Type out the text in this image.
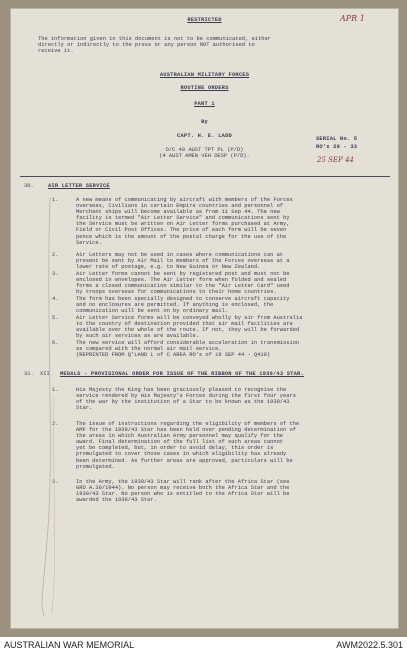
RESTRICTED	APR 1
The information given in this document is not to be communicated, either
directly or indirectly to the press or any person NOT authorised to
receive it.
AUSTRALIAN MILITARY FORCES
ROUTINE ORDERS
PART 1
By
CAPT. H. E. LADD	SERIAL No. 5
RO's 20 - 33
O/C 49 AUST TPT PL (P/D)
(4 AUST AMEN VEH DESP (P/D).	25 SEP 44
30.	AIR LETTER SERVICE
1.	A new means of communicating by aircraft with members of the Forces
overseas, Civilians in certain Empire countries and personnel of
Merchant ships will become available as from 11 Sep 44. The new
facility is termed "Air Letter Service" and communications sent by
the Service must be written on Air Letter forms purchased at Army,
Field or Civil Post Offices. The price of each form will be seven
pence which is the amount of the postal charge for the use of the
Service.
2.	Air Letters may not be used in cases where communications can at
present be sent by Air Mail to members of the Forces overseas at a
lower rate of postage, e.g. to New Guinea or New Zealand.
3.	Air Letter forms cannot be sent by registered post and must not be
enclosed in envelopes. The Air Letter form when folded and sealed
forms a closed communication similar to the "Air Letter Card" used
by troops overseas for communications to their home countries.
4.	The form has been specially designed to conserve aircraft capacity
and no enclosures are permitted. If anything is enclosed, the
communication will be sent on by ordinary mail.
5.	Air Letter Service forms will be conveyed wholly by air from Australia
to the country of destination provided that air mail facilities are
available over the whole of the route. If not, they will be forwarded
by such air services as are available.
6.	The new service will afford considerable acceleration in transmission
as compared with the normal air mail service.
(REPRINTED FROM Q'LAND L of C AREA RO's of 19 SEP 44 - Q410)
31. XII MEDALS - PROVISIONAL ORDER FOR ISSUE OF THE RIBBON OF THE 1939/43 STAR.
1.	His Majesty the King has been graciously pleased to recognise the
service rendered by His Majesty's Forces during the first four years
of the war by the institution of a Star to be known as the 1939/43
Star.
2.	The issue of instructions regarding the eligibility of members of the
AMF for the 1939/43 Star has been held over pending determination of
the areas in which Australian Army personnel may qualify for the
award. Final determination of the full list of such areas cannot
yet be completed, but, in order to avoid delay, this order is
promulgated to cover those cases in which eligibility has already
been determined. As further areas are approved, particulars will be
promulgated.
3.	In the Army, the 1939/43 Star will rank after the Africa Star (see
GRO A.30/1944). No person may receive both the Africa Star and the
1939/43 Star. No person who is entitled to the Africa Star will be
awarded the 1939/43 Star.
AUSTRALIAN WAR MEMORIAL	AWM2022.5.301
